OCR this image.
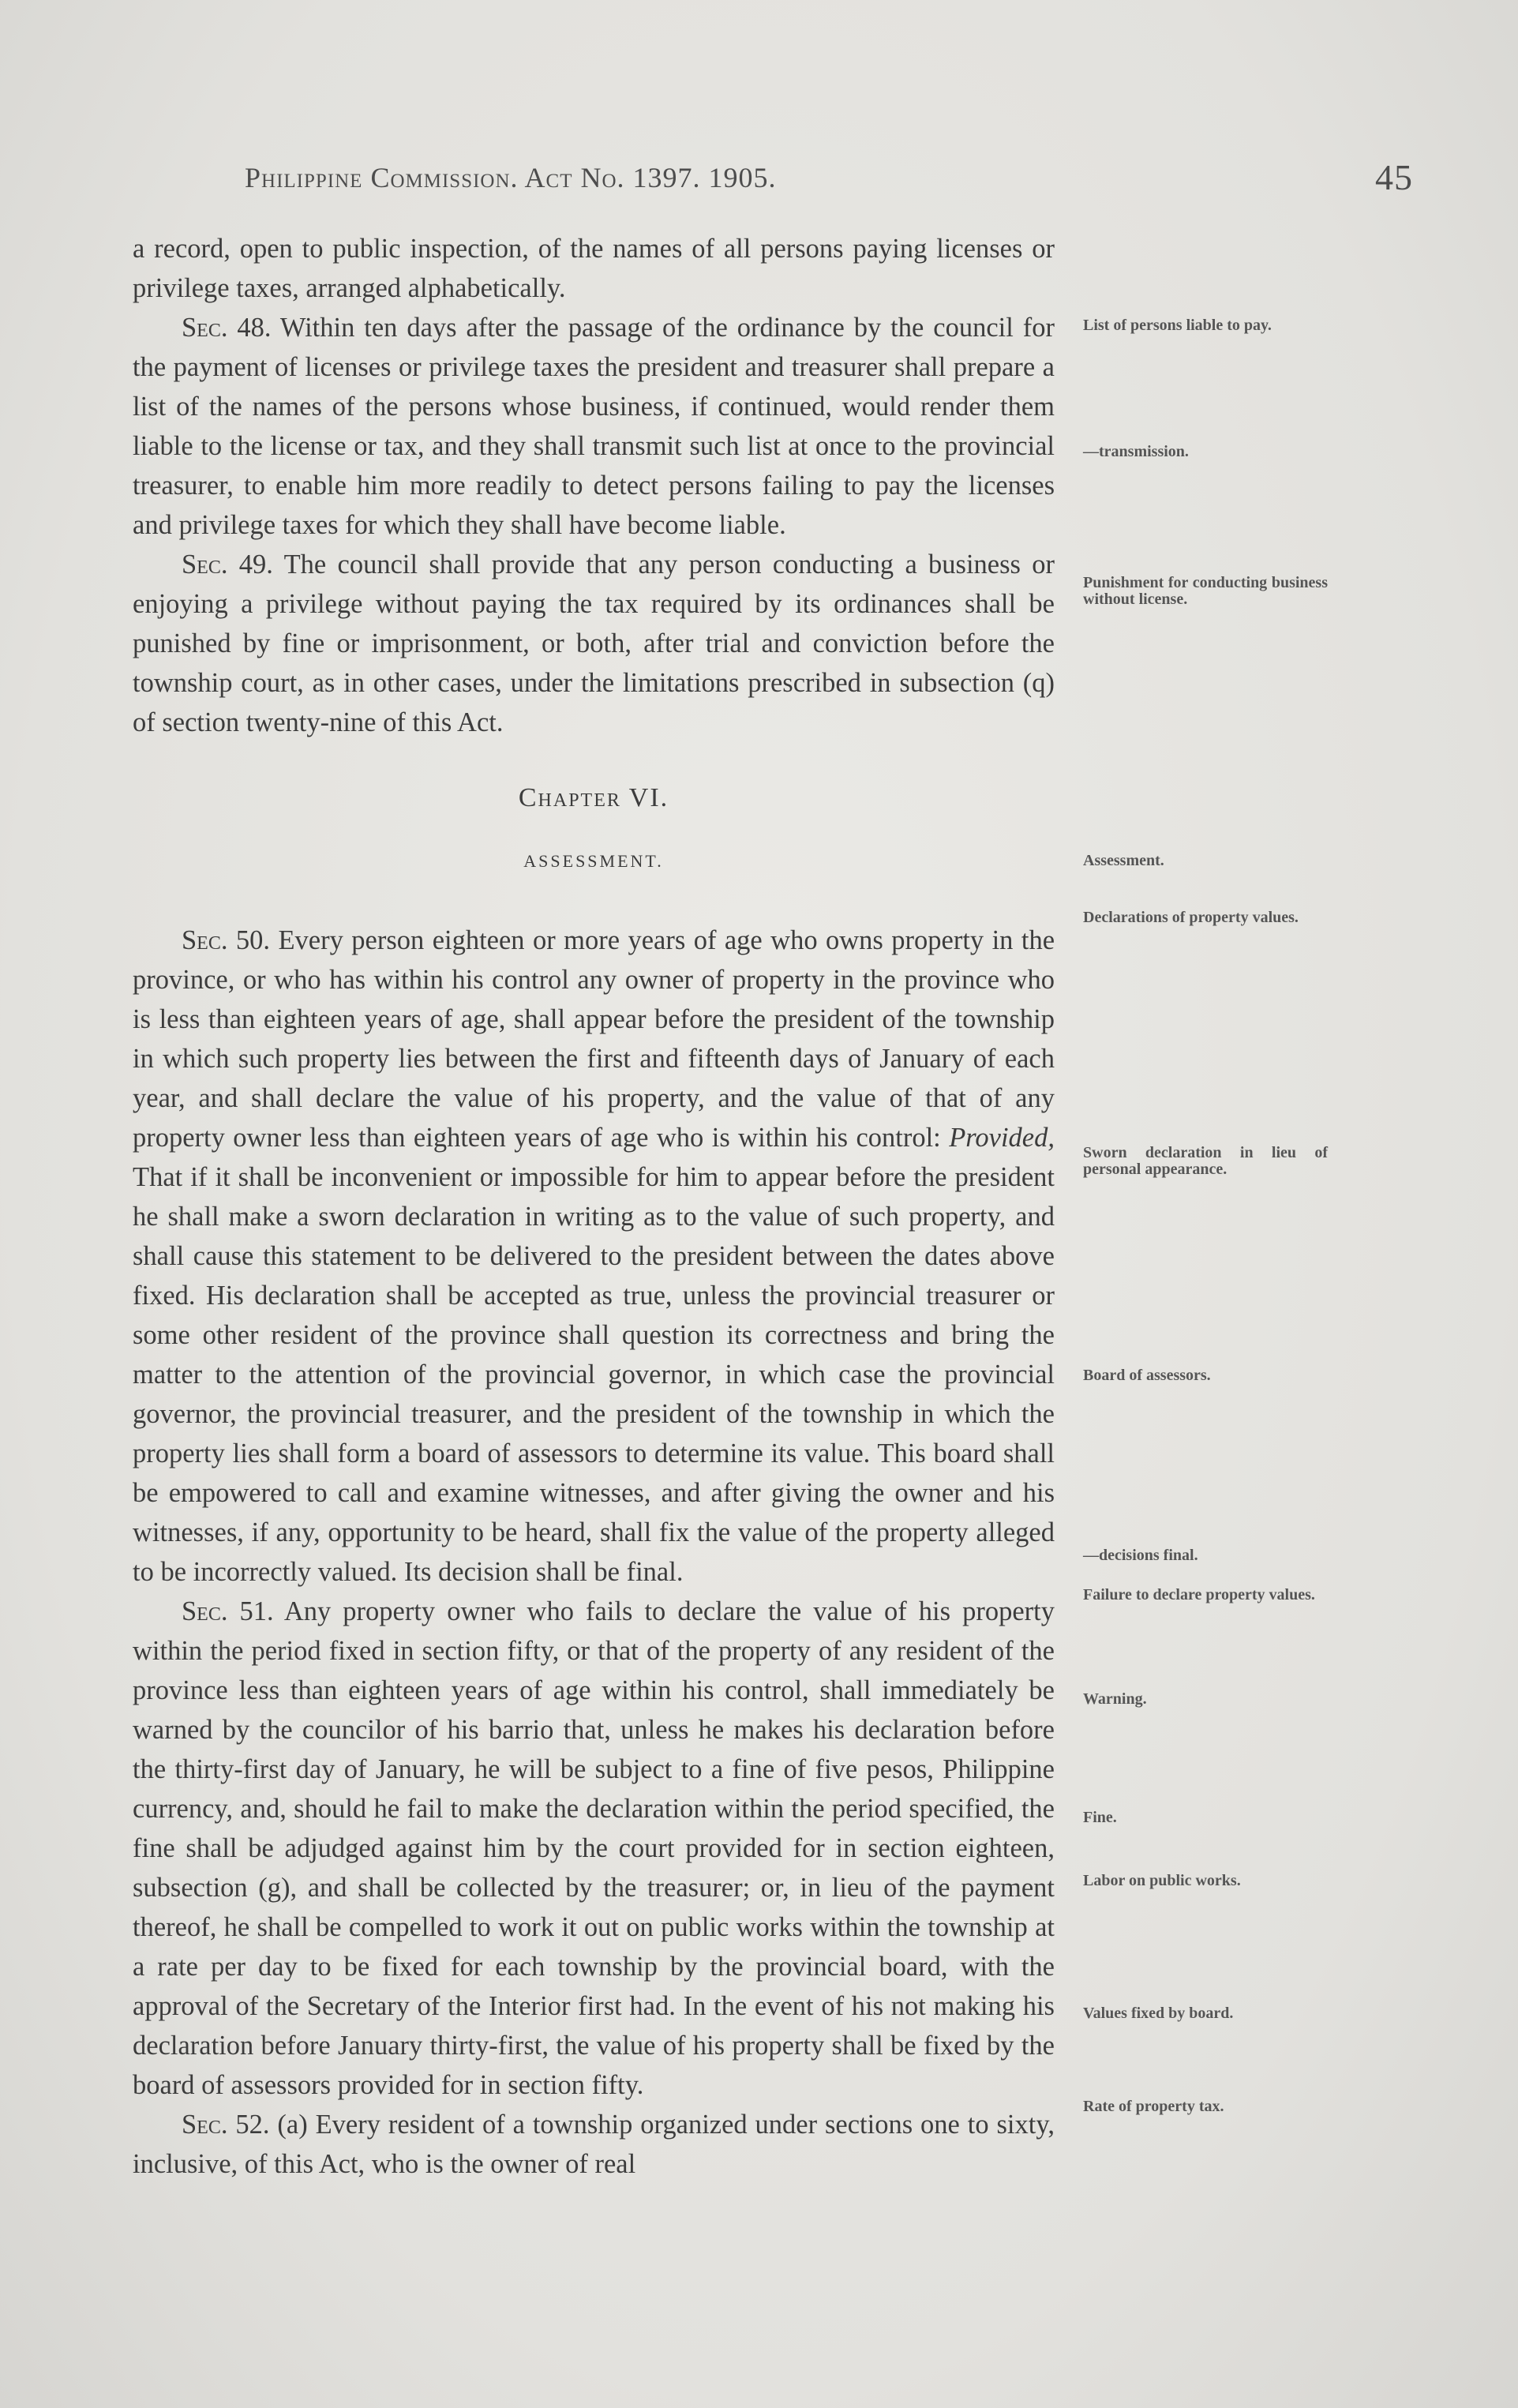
Philippine Commission. Act No. 1397. 1905.	45

a record, open to public inspection, of the names of all persons paying licenses or privilege taxes, arranged alphabetically.

Sec. 48. Within ten days after the passage of the ordinance by the council for the payment of licenses or privilege taxes the president and treasurer shall prepare a list of the names of the persons whose business, if continued, would render them liable to the license or tax, and they shall transmit such list at once to the provincial treasurer, to enable him more readily to detect persons failing to pay the licenses and privilege taxes for which they shall have become liable.

Sec. 49. The council shall provide that any person conducting a business or enjoying a privilege without paying the tax required by its ordinances shall be punished by fine or imprisonment, or both, after trial and conviction before the township court, as in other cases, under the limitations prescribed in subsection (q) of section twenty-nine of this Act.

Chapter VI.
ASSESSMENT.

Sec. 50. Every person eighteen or more years of age who owns property in the province, or who has within his control any owner of property in the province who is less than eighteen years of age, shall appear before the president of the township in which such property lies between the first and fifteenth days of January of each year, and shall declare the value of his property, and the value of that of any property owner less than eighteen years of age who is within his control: Provided, That if it shall be inconvenient or impossible for him to appear before the president he shall make a sworn declaration in writing as to the value of such property, and shall cause this statement to be delivered to the president between the dates above fixed. His declaration shall be accepted as true, unless the provincial treasurer or some other resident of the province shall question its correctness and bring the matter to the attention of the provincial governor, in which case the provincial governor, the provincial treasurer, and the president of the township in which the property lies shall form a board of assessors to determine its value. This board shall be empowered to call and examine witnesses, and after giving the owner and his witnesses, if any, opportunity to be heard, shall fix the value of the property alleged to be incorrectly valued. Its decision shall be final.

Sec. 51. Any property owner who fails to declare the value of his property within the period fixed in section fifty, or that of the property of any resident of the province less than eighteen years of age within his control, shall immediately be warned by the councilor of his barrio that, unless he makes his declaration before the thirty-first day of January, he will be subject to a fine of five pesos, Philippine currency, and, should he fail to make the declaration within the period specified, the fine shall be adjudged against him by the court provided for in section eighteen, subsection (g), and shall be collected by the treasurer; or, in lieu of the payment thereof, he shall be compelled to work it out on public works within the township at a rate per day to be fixed for each township by the provincial board, with the approval of the Secretary of the Interior first had. In the event of his not making his declaration before January thirty-first, the value of his property shall be fixed by the board of assessors provided for in section fifty.

Sec. 52. (a) Every resident of a township organized under sections one to sixty, inclusive, of this Act, who is the owner of real

List of persons liable to pay.
—transmission.
Punishment for conducting business without license.
Assessment.
Declarations of property values.
Sworn declaration in lieu of personal appearance.
Board of assessors.
—decisions final.
Failure to declare property values.
Warning.
Fine.
Labor on public works.
Values fixed by board.
Rate of property tax.
